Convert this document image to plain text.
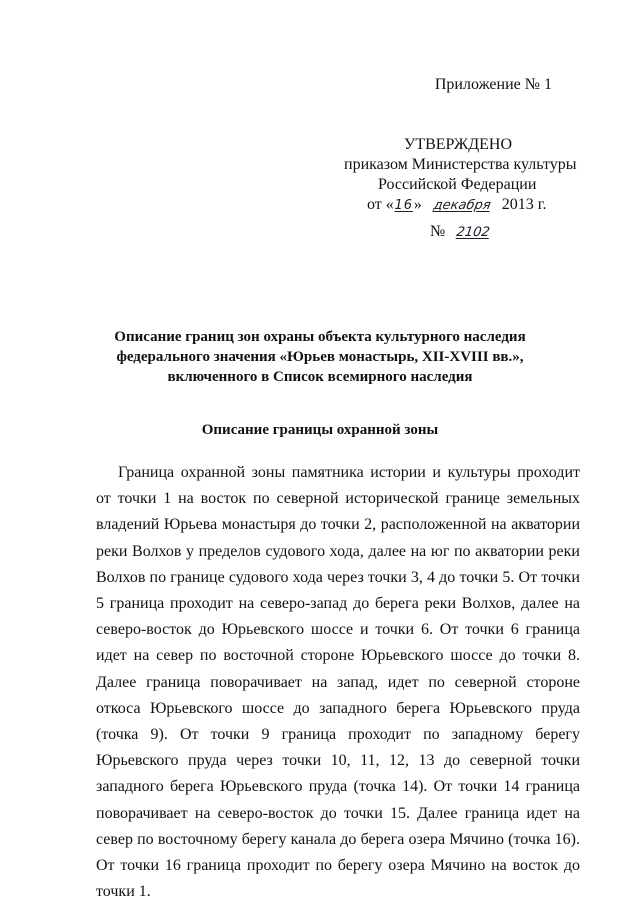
Приложение № 1
УТВЕРЖДЕНО
приказом Министерства культуры
Российской Федерации
от «16» декабря 2013 г.
№ 2102
Описание границ зон охраны объекта культурного наследия
федерального значения «Юрьев монастырь, XII-XVIII вв.»,
включенного в Список всемирного наследия
Описание границы охранной зоны
Граница охранной зоны памятника истории и культуры проходит от точки 1 на восток по северной исторической границе земельных владений Юрьева монастыря до точки 2, расположенной на акватории реки Волхов у пределов судового хода, далее на юг по акватории реки Волхов по границе судового хода через точки 3, 4 до точки 5. От точки 5 граница проходит на северо-запад до берега реки Волхов, далее на северо-восток до Юрьевского шоссе и точки 6. От точки 6 граница идет на север по восточной стороне Юрьевского шоссе до точки 8. Далее граница поворачивает на запад, идет по северной стороне откоса Юрьевского шоссе до западного берега Юрьевского пруда (точка 9). От точки 9 граница проходит по западному берегу Юрьевского пруда через точки 10, 11, 12, 13 до северной точки западного берега Юрьевского пруда (точка 14). От точки 14 граница поворачивает на северо-восток до точки 15. Далее граница идет на север по восточному берегу канала до берега озера Мячино (точка 16). От точки 16 граница проходит по берегу озера Мячино на восток до точки 1.
